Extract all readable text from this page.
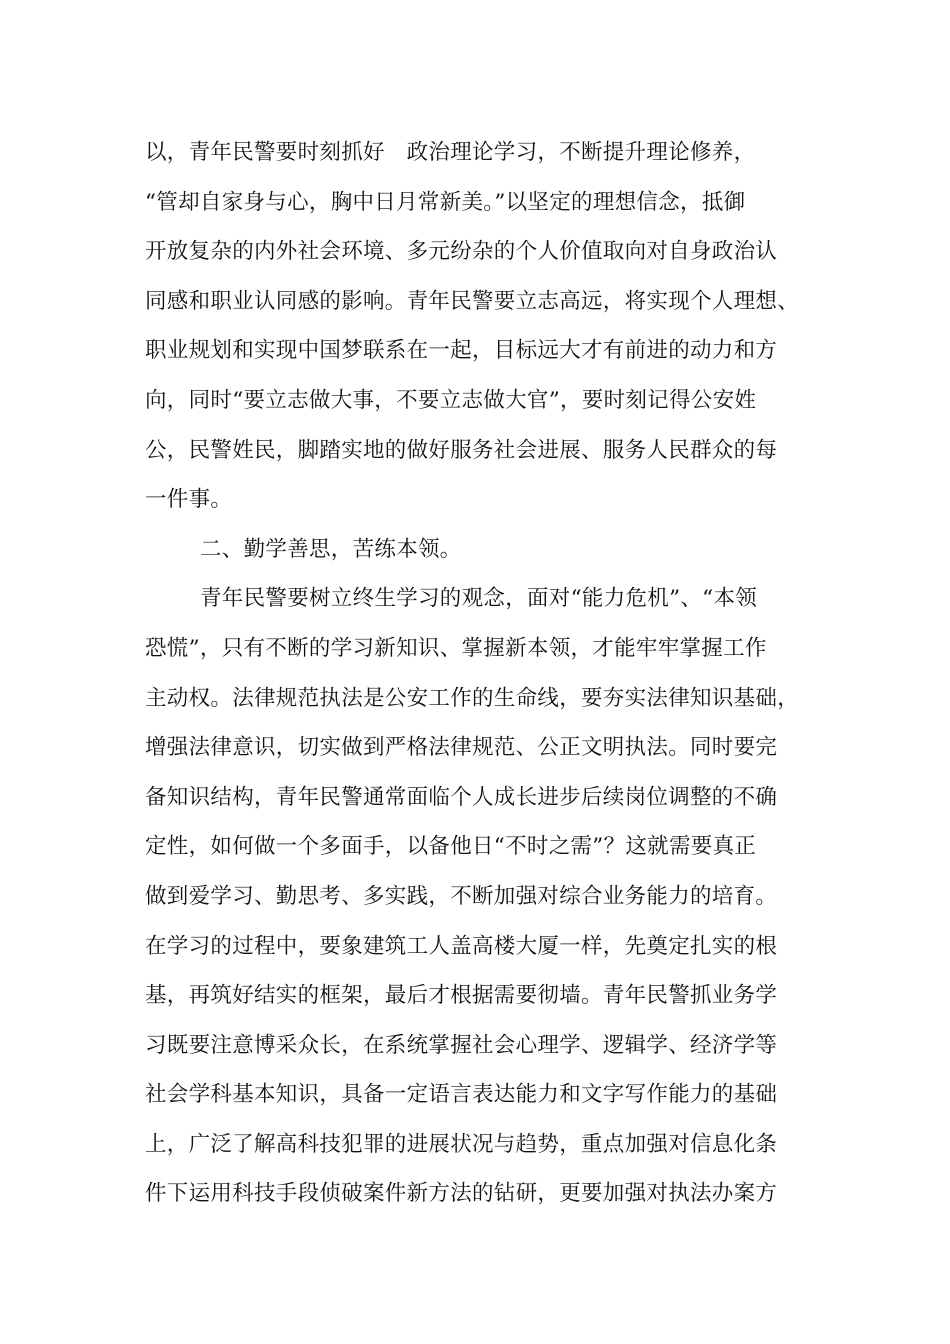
以，青年民警要时刻抓好　政治理论学习，不断提升理论修养，
“管却自家身与心，胸中日月常新美。”以坚定的理想信念，抵御
开放复杂的内外社会环境、多元纷杂的个人价值取向对自身政治认
同感和职业认同感的影响。青年民警要立志高远，将实现个人理想、
职业规划和实现中国梦联系在一起，目标远大才有前进的动力和方
向，同时“要立志做大事，不要立志做大官”，要时刻记得公安姓
公，民警姓民，脚踏实地的做好服务社会进展、服务人民群众的每
一件事。
二、勤学善思，苦练本领。
青年民警要树立终生学习的观念，面对“能力危机”、“本领
恐慌”，只有不断的学习新知识、掌握新本领，才能牢牢掌握工作
主动权。法律规范执法是公安工作的生命线，要夯实法律知识基础，
增强法律意识，切实做到严格法律规范、公正文明执法。同时要完
备知识结构，青年民警通常面临个人成长进步后续岗位调整的不确
定性，如何做一个多面手，以备他日“不时之需”？这就需要真正
做到爱学习、勤思考、多实践，不断加强对综合业务能力的培育。
在学习的过程中，要象建筑工人盖高楼大厦一样，先奠定扎实的根
基，再筑好结实的框架，最后才根据需要彻墙。青年民警抓业务学
习既要注意博采众长，在系统掌握社会心理学、逻辑学、经济学等
社会学科基本知识，具备一定语言表达能力和文字写作能力的基础
上，广泛了解高科技犯罪的进展状况与趋势，重点加强对信息化条
件下运用科技手段侦破案件新方法的钻研，更要加强对执法办案方
